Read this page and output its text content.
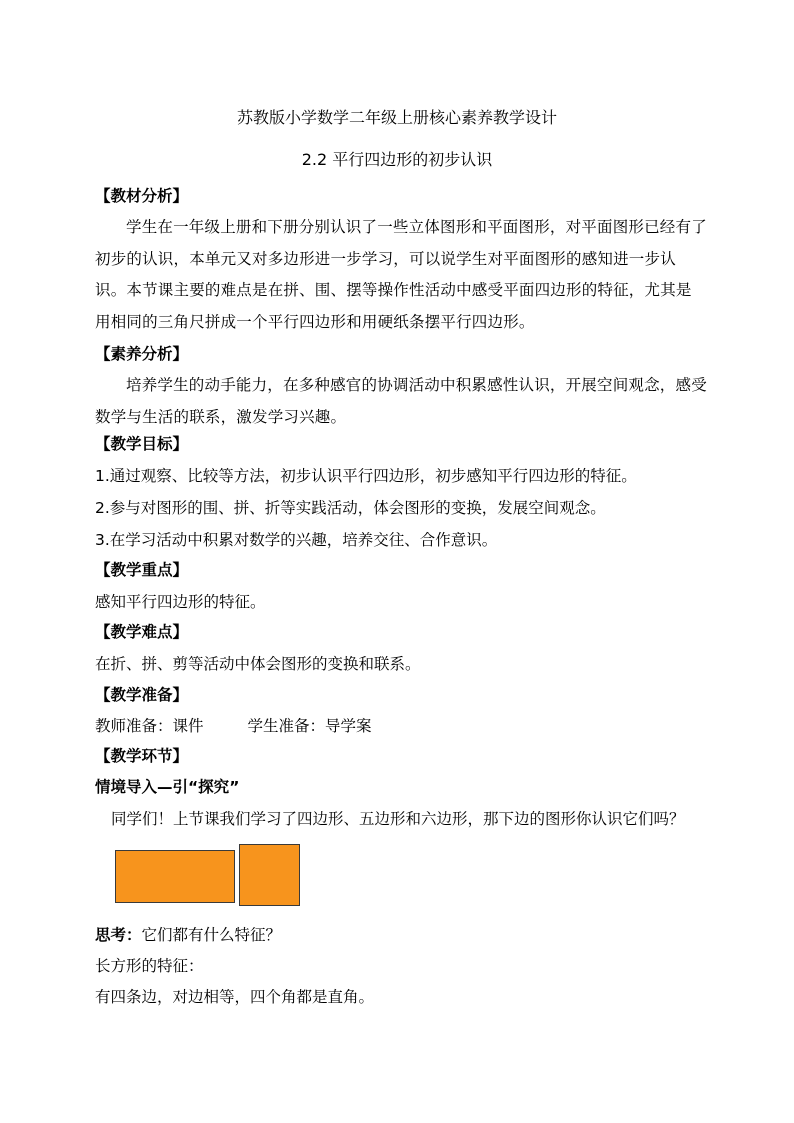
苏教版小学数学二年级上册核心素养教学设计
2.2 平行四边形的初步认识
【教材分析】
学生在一年级上册和下册分别认识了一些立体图形和平面图形，对平面图形已经有了初步的认识，本单元又对多边形进一步学习，可以说学生对平面图形的感知进一步认识。本节课主要的难点是在拼、围、摆等操作性活动中感受平面四边形的特征，尤其是用相同的三角尺拼成一个平行四边形和用硬纸条摆平行四边形。
【素养分析】
培养学生的动手能力，在多种感官的协调活动中积累感性认识，开展空间观念，感受数学与生活的联系，激发学习兴趣。
【教学目标】
1.通过观察、比较等方法，初步认识平行四边形，初步感知平行四边形的特征。
2.参与对图形的围、拼、折等实践活动，体会图形的变换，发展空间观念。
3.在学习活动中积累对数学的兴趣，培养交往、合作意识。
【教学重点】
感知平行四边形的特征。
【教学难点】
在折、拼、剪等活动中体会图形的变换和联系。
【教学准备】
教师准备：课件	学生准备：导学案
【教学环节】
情境导入—引“探究”
同学们！上节课我们学习了四边形、五边形和六边形，那下边的图形你认识它们吗？
思考：它们都有什么特征？
长方形的特征：
有四条边，对边相等，四个角都是直角。
